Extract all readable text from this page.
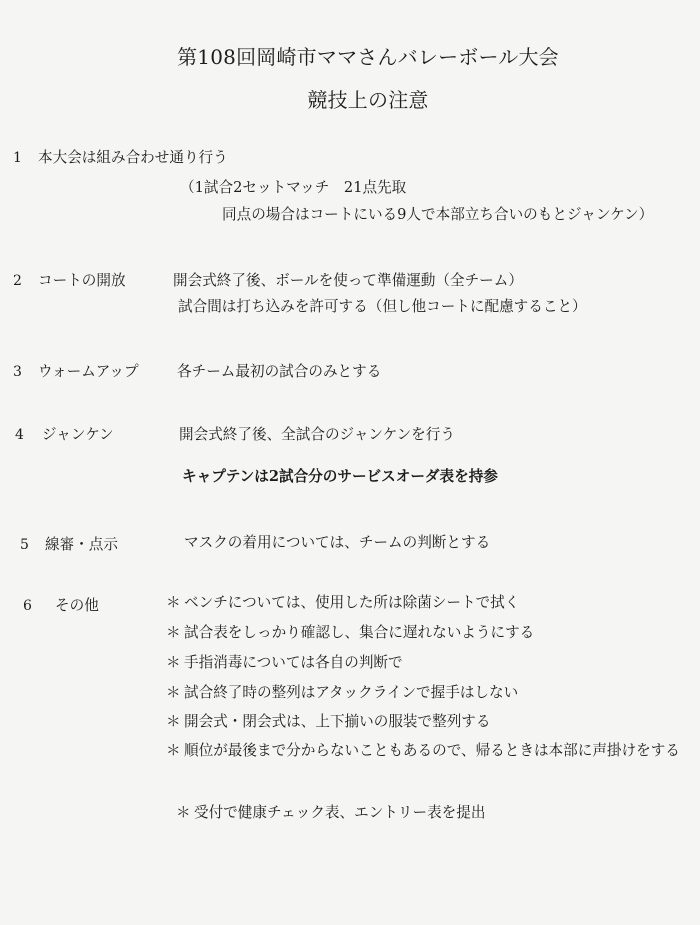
第108回岡崎市ママさんバレーボール大会
競技上の注意
1 本大会は組み合わせ通り行う
（1試合2セットマッチ　21点先取
同点の場合はコートにいる9人で本部立ち合いのもとジャンケン）
2 コートの開放	開会式終了後、ボールを使って準備運動（全チーム）
試合間は打ち込みを許可する（但し他コートに配慮すること）
3 ウォームアップ	各チーム最初の試合のみとする
4 ジャンケン	開会式終了後、全試合のジャンケンを行う
キャプテンは2試合分のサービスオーダ表を持参
5 線審・点示	マスクの着用については、チームの判断とする
6 その他	＊ ベンチについては、使用した所は除菌シートで拭く
＊ 試合表をしっかり確認し、集合に遅れないようにする
＊ 手指消毒については各自の判断で
＊ 試合終了時の整列はアタックラインで握手はしない
＊ 開会式・閉会式は、上下揃いの服装で整列する
＊ 順位が最後まで分からないこともあるので、帰るときは本部に声掛けをする
＊ 受付で健康チェック表、エントリー表を提出
